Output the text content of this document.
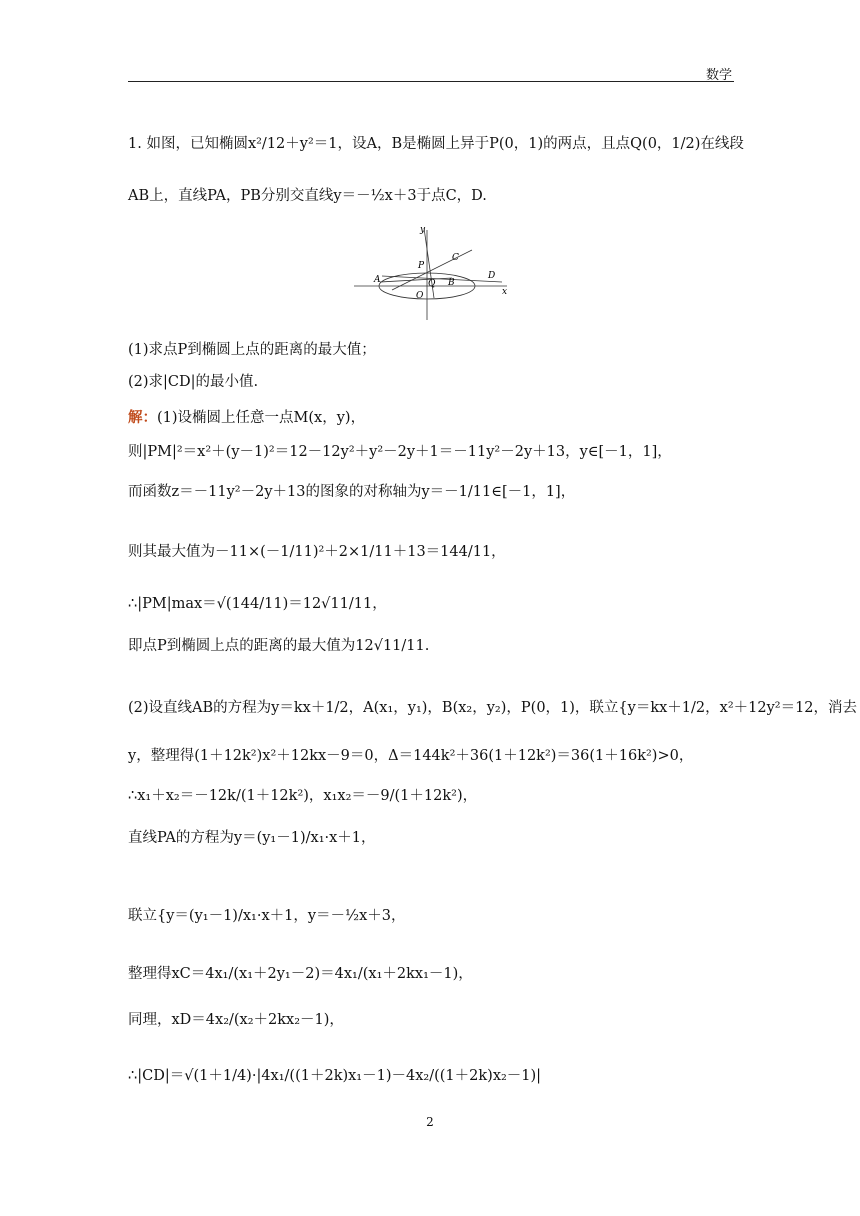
数学
1. 如图，已知椭圆x²/12＋y²＝1，设A，B是椭圆上异于P(0，1)的两点，且点Q(0，1/2)在线段
AB上，直线PA，PB分别交直线y＝－½x＋3于点C，D.
y
x
P
C
A	Q B
D
O
(1)求点P到椭圆上点的距离的最大值；
(2)求|CD|的最小值.
解：(1)设椭圆上任意一点M(x，y)，
则|PM|²＝x²＋(y－1)²＝12－12y²＋y²－2y＋1＝－11y²－2y＋13，y∈[－1，1]，
而函数z＝－11y²－2y＋13的图象的对称轴为y＝－1/11∈[－1，1]，
则其最大值为－11×(－1/11)²＋2×1/11＋13＝144/11，
∴|PM|max＝√(144/11)＝12√11/11，
即点P到椭圆上点的距离的最大值为12√11/11.
(2)设直线AB的方程为y＝kx＋1/2，A(x₁，y₁)，B(x₂，y₂)，P(0，1)，联立{y＝kx＋1/2，x²＋12y²＝12，消去
y，整理得(1＋12k²)x²＋12kx－9＝0，Δ＝144k²＋36(1＋12k²)＝36(1＋16k²)>0，
∴x₁＋x₂＝－12k/(1＋12k²)，x₁x₂＝－9/(1＋12k²)，
直线PA的方程为y＝(y₁－1)/x₁·x＋1，
联立{y＝(y₁－1)/x₁·x＋1，y＝－½x＋3，
整理得xC＝4x₁/(x₁＋2y₁－2)＝4x₁/(x₁＋2kx₁－1)，
同理，xD＝4x₂/(x₂＋2kx₂－1)，
∴|CD|＝√(1＋1/4)·|4x₁/((1＋2k)x₁－1)－4x₂/((1＋2k)x₂－1)|
2
